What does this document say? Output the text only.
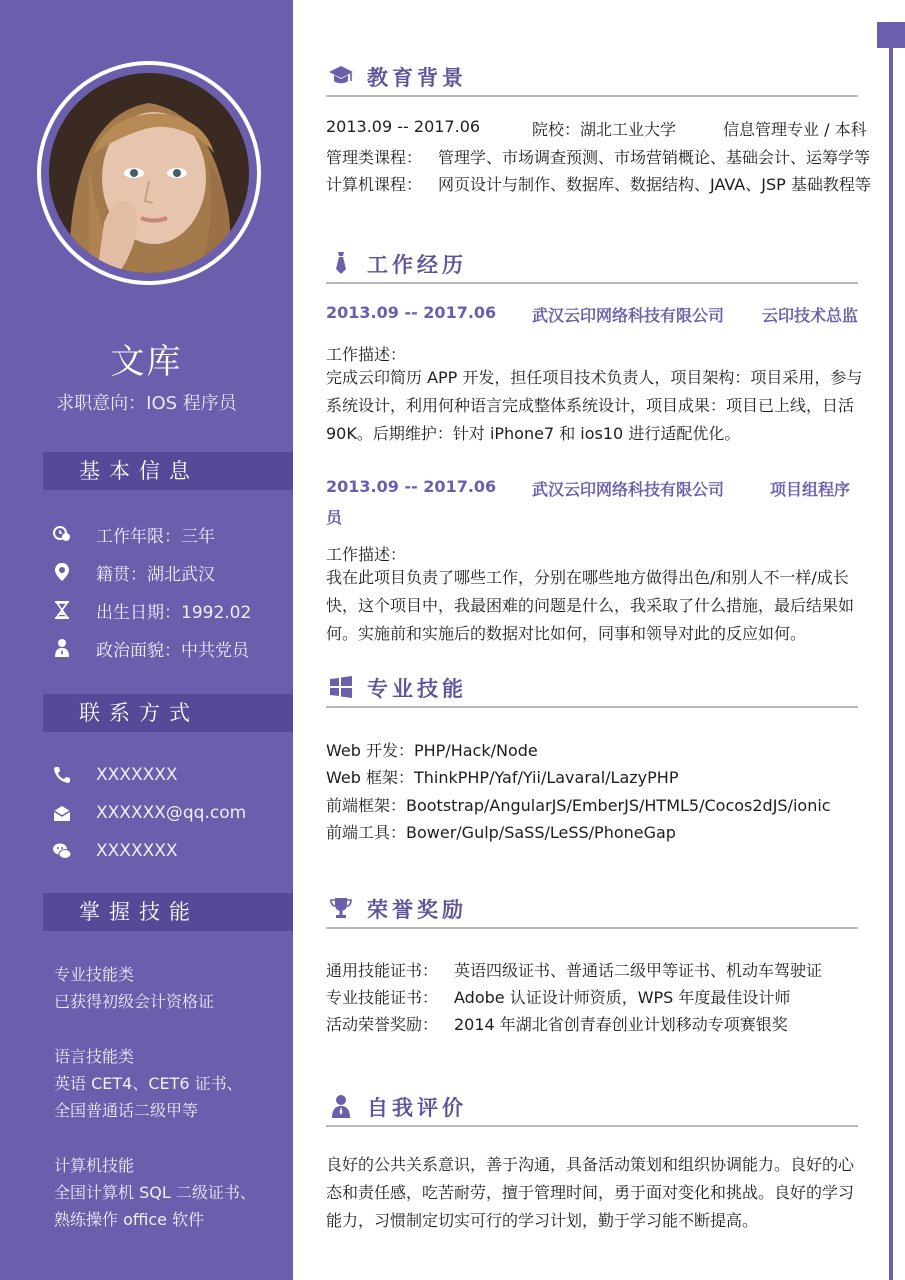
文库
求职意向：IOS 程序员
基本信息
工作年限：三年
籍贯：湖北武汉
出生日期：1992.02
政治面貌：中共党员
联系方式
XXXXXXX
XXXXXX@qq.com
XXXXXXX
掌握技能
专业技能类
已获得初级会计资格证
语言技能类
英语 CET4、CET6 证书、
全国普通话二级甲等
计算机技能
全国计算机 SQL 二级证书、
熟练操作 office 软件
教育背景
2013.09 -- 2017.06	院校：湖北工业大学	信息管理专业 / 本科
管理类课程： 管理学、市场调查预测、市场营销概论、基础会计、运筹学等
计算机课程： 网页设计与制作、数据库、数据结构、JAVA、JSP 基础教程等
工作经历
2013.09 -- 2017.06 武汉云印网络科技有限公司 云印技术总监
工作描述：
完成云印简历 APP 开发，担任项目技术负责人，项目架构：项目采用，参与系统设计，利用何种语言完成整体系统设计，项目成果：项目已上线，日活 90K。后期维护：针对 iPhone7 和 ios10 进行适配优化。
2013.09 -- 2017.06 武汉云印网络科技有限公司	项目组程序
员
工作描述：
我在此项目负责了哪些工作，分别在哪些地方做得出色/和别人不一样/成长快，这个项目中，我最困难的问题是什么，我采取了什么措施，最后结果如何。实施前和实施后的数据对比如何，同事和领导对此的反应如何。
专业技能
Web 开发：PHP/Hack/Node
Web 框架：ThinkPHP/Yaf/Yii/Lavaral/LazyPHP
前端框架：Bootstrap/AngularJS/EmberJS/HTML5/Cocos2dJS/ionic
前端工具：Bower/Gulp/SaSS/LeSS/PhoneGap
荣誉奖励
通用技能证书： 英语四级证书、普通话二级甲等证书、机动车驾驶证
专业技能证书： Adobe 认证设计师资质，WPS 年度最佳设计师
活动荣誉奖励： 2014 年湖北省创青春创业计划移动专项赛银奖
自我评价
良好的公共关系意识，善于沟通，具备活动策划和组织协调能力。良好的心态和责任感，吃苦耐劳，擅于管理时间，勇于面对变化和挑战。良好的学习能力，习惯制定切实可行的学习计划，勤于学习能不断提高。
